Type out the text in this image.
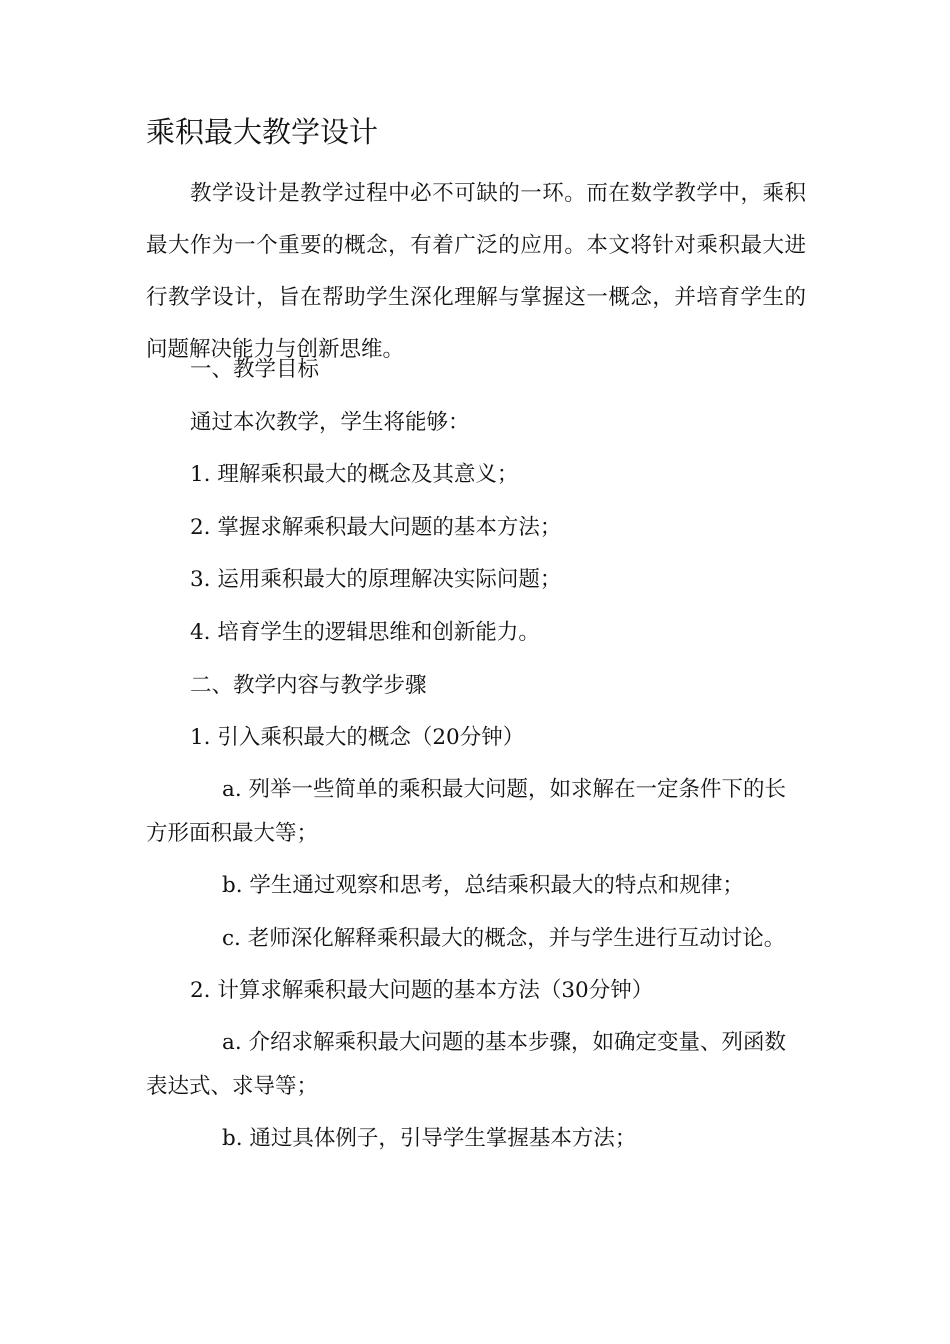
乘积最大教学设计

教学设计是教学过程中必不可缺的一环。而在数学教学中，乘积最大作为一个重要的概念，有着广泛的应用。本文将针对乘积最大进行教学设计，旨在帮助学生深化理解与掌握这一概念，并培育学生的问题解决能力与创新思维。

一、教学目标

通过本次教学，学生将能够：

1. 理解乘积最大的概念及其意义；

2. 掌握求解乘积最大问题的基本方法；

3. 运用乘积最大的原理解决实际问题；

4. 培育学生的逻辑思维和创新能力。

二、教学内容与教学步骤

1. 引入乘积最大的概念（20分钟）

a. 列举一些简单的乘积最大问题，如求解在一定条件下的长方形面积最大等；

b. 学生通过观察和思考，总结乘积最大的特点和规律；

c. 老师深化解释乘积最大的概念，并与学生进行互动讨论。

2. 计算求解乘积最大问题的基本方法（30分钟）

a. 介绍求解乘积最大问题的基本步骤，如确定变量、列函数表达式、求导等；

b. 通过具体例子，引导学生掌握基本方法；
